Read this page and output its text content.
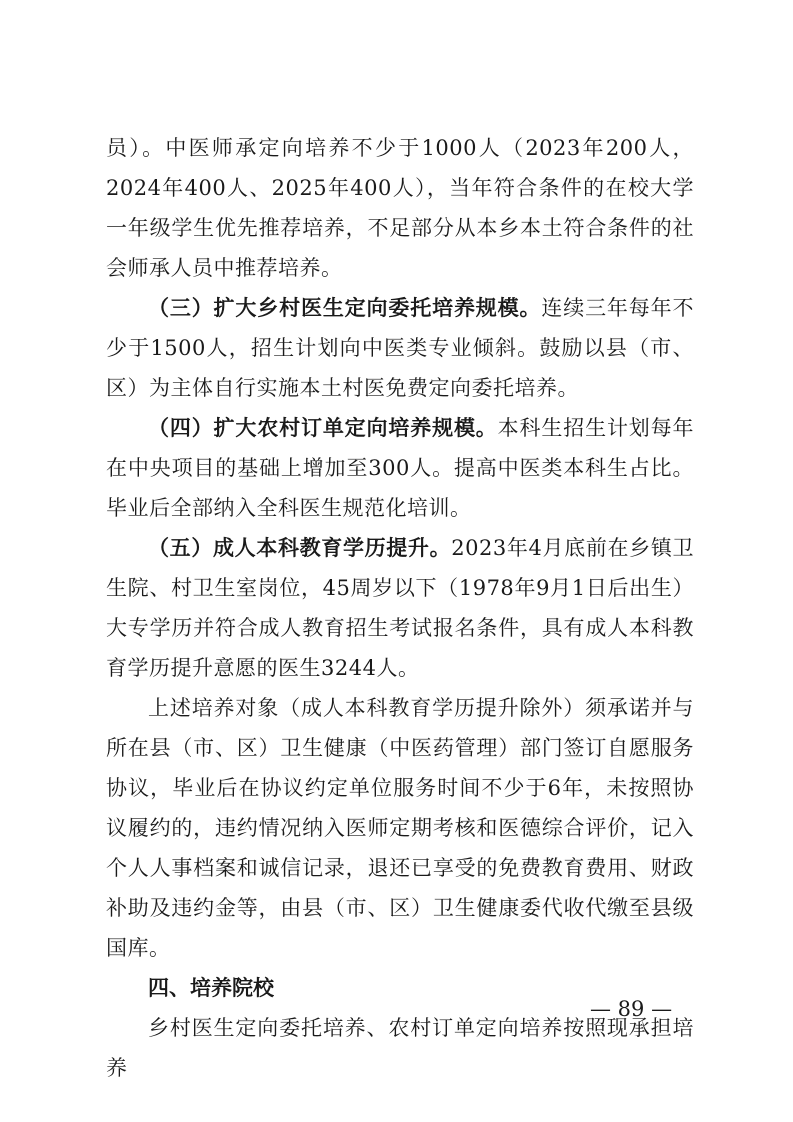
员）。中医师承定向培养不少于1000人（2023年200人，2024年400人、2025年400人），当年符合条件的在校大学一年级学生优先推荐培养，不足部分从本乡本土符合条件的社会师承人员中推荐培养。

（三）扩大乡村医生定向委托培养规模。连续三年每年不少于1500人，招生计划向中医类专业倾斜。鼓励以县（市、区）为主体自行实施本土村医免费定向委托培养。

（四）扩大农村订单定向培养规模。本科生招生计划每年在中央项目的基础上增加至300人。提高中医类本科生占比。毕业后全部纳入全科医生规范化培训。

（五）成人本科教育学历提升。2023年4月底前在乡镇卫生院、村卫生室岗位，45周岁以下（1978年9月1日后出生）大专学历并符合成人教育招生考试报名条件，具有成人本科教育学历提升意愿的医生3244人。

上述培养对象（成人本科教育学历提升除外）须承诺并与所在县（市、区）卫生健康（中医药管理）部门签订自愿服务协议，毕业后在协议约定单位服务时间不少于6年，未按照协议履约的，违约情况纳入医师定期考核和医德综合评价，记入个人人事档案和诚信记录，退还已享受的免费教育费用、财政补助及违约金等，由县（市、区）卫生健康委代收代缴至县级国库。

四、培养院校

乡村医生定向委托培养、农村订单定向培养按照现承担培养

— 89 —
